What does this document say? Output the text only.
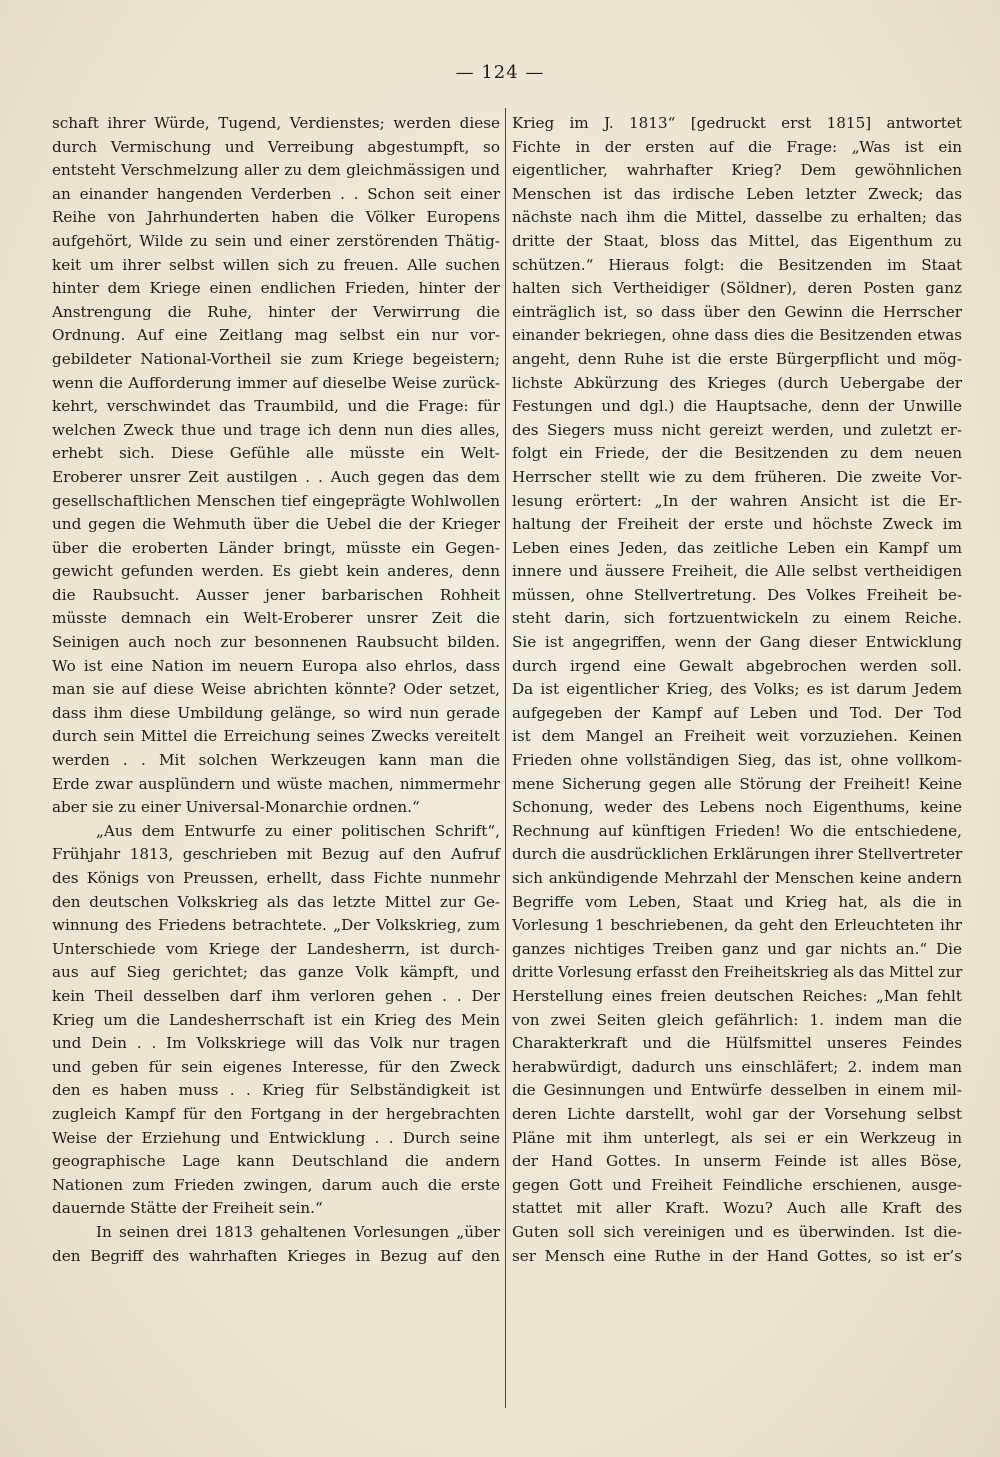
— 124 —
schaft ihrer Würde, Tugend, Verdienstes; werden diese
durch Vermischung und Verreibung abgestumpft, so
entsteht Verschmelzung aller zu dem gleichmässigen und
an einander hangenden Verderben . . Schon seit einer
Reihe von Jahrhunderten haben die Völker Europens
aufgehört, Wilde zu sein und einer zerstörenden Thätig-
keit um ihrer selbst willen sich zu freuen. Alle suchen
hinter dem Kriege einen endlichen Frieden, hinter der
Anstrengung die Ruhe, hinter der Verwirrung die
Ordnung. Auf eine Zeitlang mag selbst ein nur vor-
gebildeter National-Vortheil sie zum Kriege begeistern;
wenn die Aufforderung immer auf dieselbe Weise zurück-
kehrt, verschwindet das Traumbild, und die Frage: für
welchen Zweck thue und trage ich denn nun dies alles,
erhebt sich. Diese Gefühle alle müsste ein Welt-
Eroberer unsrer Zeit austilgen . . Auch gegen das dem
gesellschaftlichen Menschen tief eingeprägte Wohlwollen
und gegen die Wehmuth über die Uebel die der Krieger
über die eroberten Länder bringt, müsste ein Gegen-
gewicht gefunden werden. Es giebt kein anderes, denn
die Raubsucht. Ausser jener barbarischen Rohheit
müsste demnach ein Welt-Eroberer unsrer Zeit die
Seinigen auch noch zur besonnenen Raubsucht bilden.
Wo ist eine Nation im neuern Europa also ehrlos, dass
man sie auf diese Weise abrichten könnte? Oder setzet,
dass ihm diese Umbildung gelänge, so wird nun gerade
durch sein Mittel die Erreichung seines Zwecks vereitelt
werden . . Mit solchen Werkzeugen kann man die
Erde zwar ausplündern und wüste machen, nimmermehr
aber sie zu einer Universal-Monarchie ordnen.“
„Aus dem Entwurfe zu einer politischen Schrift“,
Frühjahr 1813, geschrieben mit Bezug auf den Aufruf
des Königs von Preussen, erhellt, dass Fichte nunmehr
den deutschen Volkskrieg als das letzte Mittel zur Ge-
winnung des Friedens betrachtete. „Der Volkskrieg, zum
Unterschiede vom Kriege der Landesherrn, ist durch-
aus auf Sieg gerichtet; das ganze Volk kämpft, und
kein Theil desselben darf ihm verloren gehen . . Der
Krieg um die Landesherrschaft ist ein Krieg des Mein
und Dein . . Im Volkskriege will das Volk nur tragen
und geben für sein eigenes Interesse, für den Zweck
den es haben muss . . Krieg für Selbständigkeit ist
zugleich Kampf für den Fortgang in der hergebrachten
Weise der Erziehung und Entwicklung . . Durch seine
geographische Lage kann Deutschland die andern
Nationen zum Frieden zwingen, darum auch die erste
dauernde Stätte der Freiheit sein.“
In seinen drei 1813 gehaltenen Vorlesungen „über
den Begriff des wahrhaften Krieges in Bezug auf den
Krieg im J. 1813“ [gedruckt erst 1815] antwortet
Fichte in der ersten auf die Frage: „Was ist ein
eigentlicher, wahrhafter Krieg? Dem gewöhnlichen
Menschen ist das irdische Leben letzter Zweck; das
nächste nach ihm die Mittel, dasselbe zu erhalten; das
dritte der Staat, bloss das Mittel, das Eigenthum zu
schützen.“ Hieraus folgt: die Besitzenden im Staat
halten sich Vertheidiger (Söldner), deren Posten ganz
einträglich ist, so dass über den Gewinn die Herrscher
einander bekriegen, ohne dass dies die Besitzenden etwas
angeht, denn Ruhe ist die erste Bürgerpflicht und mög-
lichste Abkürzung des Krieges (durch Uebergabe der
Festungen und dgl.) die Hauptsache, denn der Unwille
des Siegers muss nicht gereizt werden, und zuletzt er-
folgt ein Friede, der die Besitzenden zu dem neuen
Herrscher stellt wie zu dem früheren. Die zweite Vor-
lesung erörtert: „In der wahren Ansicht ist die Er-
haltung der Freiheit der erste und höchste Zweck im
Leben eines Jeden, das zeitliche Leben ein Kampf um
innere und äussere Freiheit, die Alle selbst vertheidigen
müssen, ohne Stellvertretung. Des Volkes Freiheit be-
steht darin, sich fortzuentwickeln zu einem Reiche.
Sie ist angegriffen, wenn der Gang dieser Entwicklung
durch irgend eine Gewalt abgebrochen werden soll.
Da ist eigentlicher Krieg, des Volks; es ist darum Jedem
aufgegeben der Kampf auf Leben und Tod. Der Tod
ist dem Mangel an Freiheit weit vorzuziehen. Keinen
Frieden ohne vollständigen Sieg, das ist, ohne vollkom-
mene Sicherung gegen alle Störung der Freiheit! Keine
Schonung, weder des Lebens noch Eigenthums, keine
Rechnung auf künftigen Frieden! Wo die entschiedene,
durch die ausdrücklichen Erklärungen ihrer Stellvertreter
sich ankündigende Mehrzahl der Menschen keine andern
Begriffe vom Leben, Staat und Krieg hat, als die in
Vorlesung 1 beschriebenen, da geht den Erleuchteten ihr
ganzes nichtiges Treiben ganz und gar nichts an.“ Die
dritte Vorlesung erfasst den Freiheitskrieg als das Mittel zur
Herstellung eines freien deutschen Reiches: „Man fehlt
von zwei Seiten gleich gefährlich: 1. indem man die
Charakterkraft und die Hülfsmittel unseres Feindes
herabwürdigt, dadurch uns einschläfert; 2. indem man
die Gesinnungen und Entwürfe desselben in einem mil-
deren Lichte darstellt, wohl gar der Vorsehung selbst
Pläne mit ihm unterlegt, als sei er ein Werkzeug in
der Hand Gottes. In unserm Feinde ist alles Böse,
gegen Gott und Freiheit Feindliche erschienen, ausge-
stattet mit aller Kraft. Wozu? Auch alle Kraft des
Guten soll sich vereinigen und es überwinden. Ist die-
ser Mensch eine Ruthe in der Hand Gottes, so ist er’s
